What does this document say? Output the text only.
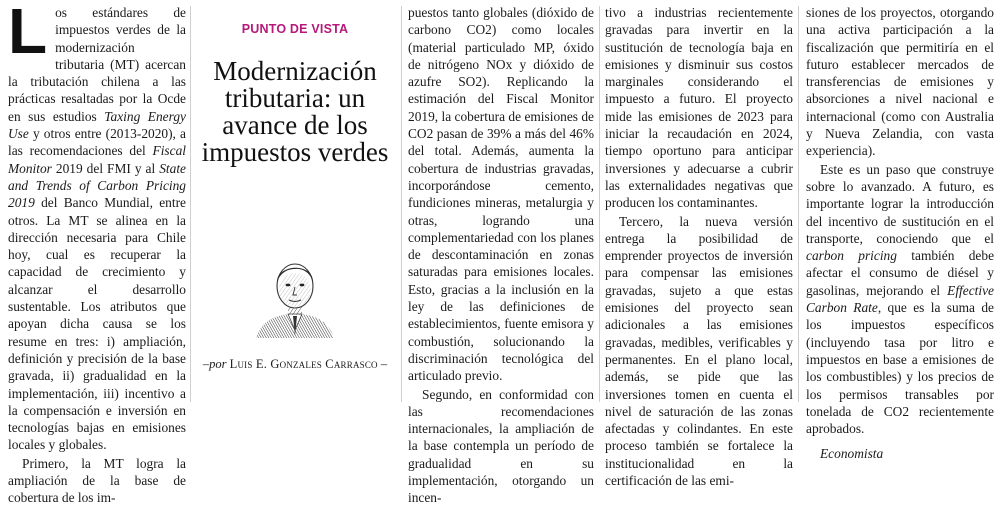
Los estándares de impuestos verdes de la modernización tributaria (MT) acercan la tributación chilena a las prácticas resaltadas por la Ocde en sus estudios Taxing Energy Use y otros entre (2013-2020), a las recomendaciones del Fiscal Monitor 2019 del FMI y al State and Trends of Carbon Pricing 2019 del Banco Mundial, entre otros. La MT se alinea en la dirección necesaria para Chile hoy, cual es recuperar la capacidad de crecimiento y alcanzar el desarrollo sustentable. Los atributos que apoyan dicha causa se los resume en tres: i) ampliación, definición y precisión de la base gravada, ii) gradualidad en la implementación, iii) incentivo a la compensación e inversión en tecnologías bajas en emisiones locales y globales.

Primero, la MT logra la ampliación de la base de cobertura de los im-

PUNTO DE VISTA
Modernización tributaria: un avance de los impuestos verdes
–por Luis E. Gonzales Carrasco –

puestos tanto globales (dióxido de carbono CO2) como locales (material particulado MP, óxido de nitrógeno NOx y dióxido de azufre SO2). Replicando la estimación del Fiscal Monitor 2019, la cobertura de emisiones de CO2 pasan de 39% a más del 46% del total. Además, aumenta la cobertura de industrias gravadas, incorporándose cemento, fundiciones mineras, metalurgia y otras, logrando una complementariedad con los planes de descontaminación en zonas saturadas para emisiones locales. Esto, gracias a la inclusión en la ley de las definiciones de establecimientos, fuente emisora y combustión, solucionando la discriminación tecnológica del articulado previo.

Segundo, en conformidad con las recomendaciones internacionales, la ampliación de la base contempla un período de gradualidad en su implementación, otorgando un incen-

tivo a industrias recientemente gravadas para invertir en la sustitución de tecnología baja en emisiones y disminuir sus costos marginales considerando el impuesto a futuro. El proyecto mide las emisiones de 2023 para iniciar la recaudación en 2024, tiempo oportuno para anticipar inversiones y adecuarse a cubrir las externalidades negativas que producen los contaminantes.

Tercero, la nueva versión entrega la posibilidad de emprender proyectos de inversión para compensar las emisiones gravadas, sujeto a que estas emisiones del proyecto sean adicionales a las emisiones gravadas, medibles, verificables y permanentes. En el plano local, además, se pide que las inversiones tomen en cuenta el nivel de saturación de las zonas afectadas y colindantes. En este proceso también se fortalece la institucionalidad en la certificación de las emi-

siones de los proyectos, otorgando una activa participación a la fiscalización que permitiría en el futuro establecer mercados de transferencias de emisiones y absorciones a nivel nacional e internacional (como con Australia y Nueva Zelandia, con vasta experiencia).

Este es un paso que construye sobre lo avanzado. A futuro, es importante lograr la introducción del incentivo de sustitución en el transporte, conociendo que el carbon pricing también debe afectar el consumo de diésel y gasolinas, mejorando el Effective Carbon Rate, que es la suma de los impuestos específicos (incluyendo tasa por litro e impuestos en base a emisiones de los combustibles) y los precios de los permisos transables por tonelada de CO2 recientemente aprobados.

Economista
